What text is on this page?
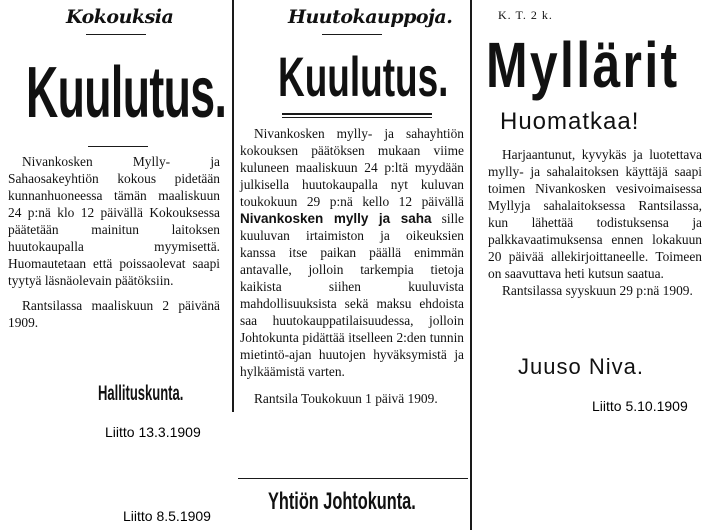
Kokouksia
Kuulutus.

Nivankosken Mylly- ja Sahaosakeyhtiön kokous pidetään kunnanhuoneessa tämän maaliskuun 24 p:nä klo 12 päivällä Kokouksessa päätetään mainitun laitoksen huutokaupalla myymisettä. Huomautetaan että poissaolevat saapi tyytyä läsnäolevain päätöksiin.

Rantsilassa maaliskuun 2 päivänä 1909.

Hallituskunta.
Liitto 13.3.1909
Huutokauppoja.
Kuulutus.

Nivankosken mylly- ja sahayhtiön kokouksen päätöksen mukaan viime kuluneen maaliskuun 24 p:ltä myydään julkisella huutokaupalla nyt kuluvan toukokuun 29 p:nä kello 12 päivällä Nivankosken mylly ja saha sille kuuluvan irtaimiston ja oikeuksien kanssa itse paikan päällä enimmän antavalle, jolloin tarkempia tietoja kaikista siihen kuuluvista mahdollisuuksista sekä maksu ehdoista saa huutokauppatilaisuudessa, jolloin Johtokunta pidättää itselleen 2:den tunnin mietintö-ajan huutojen hyväksymistä ja hylkäämistä varten.

Rantsila Toukokuun 1 päivä 1909.

Yhtiön Johtokunta.
Liitto 8.5.1909
K. T. 2 k.
Myllärit
Huomatkaa!

Harjaantunut, kyvykäs ja luotettava mylly- ja sahalaitoksen käyttäjä saapi toimen Nivankosken vesivoimaisessa Myllyja sahalaitoksessa Rantsilassa, kun lähettää todistuksensa ja palkkavaatimuksensa ennen lokakuun 20 päivää allekirjoittaneelle. Toimeen on saavuttava heti kutsun saatua.

Rantsilassa syyskuun 29 p:nä 1909.

Juuso Niva.
Liitto 5.10.1909
